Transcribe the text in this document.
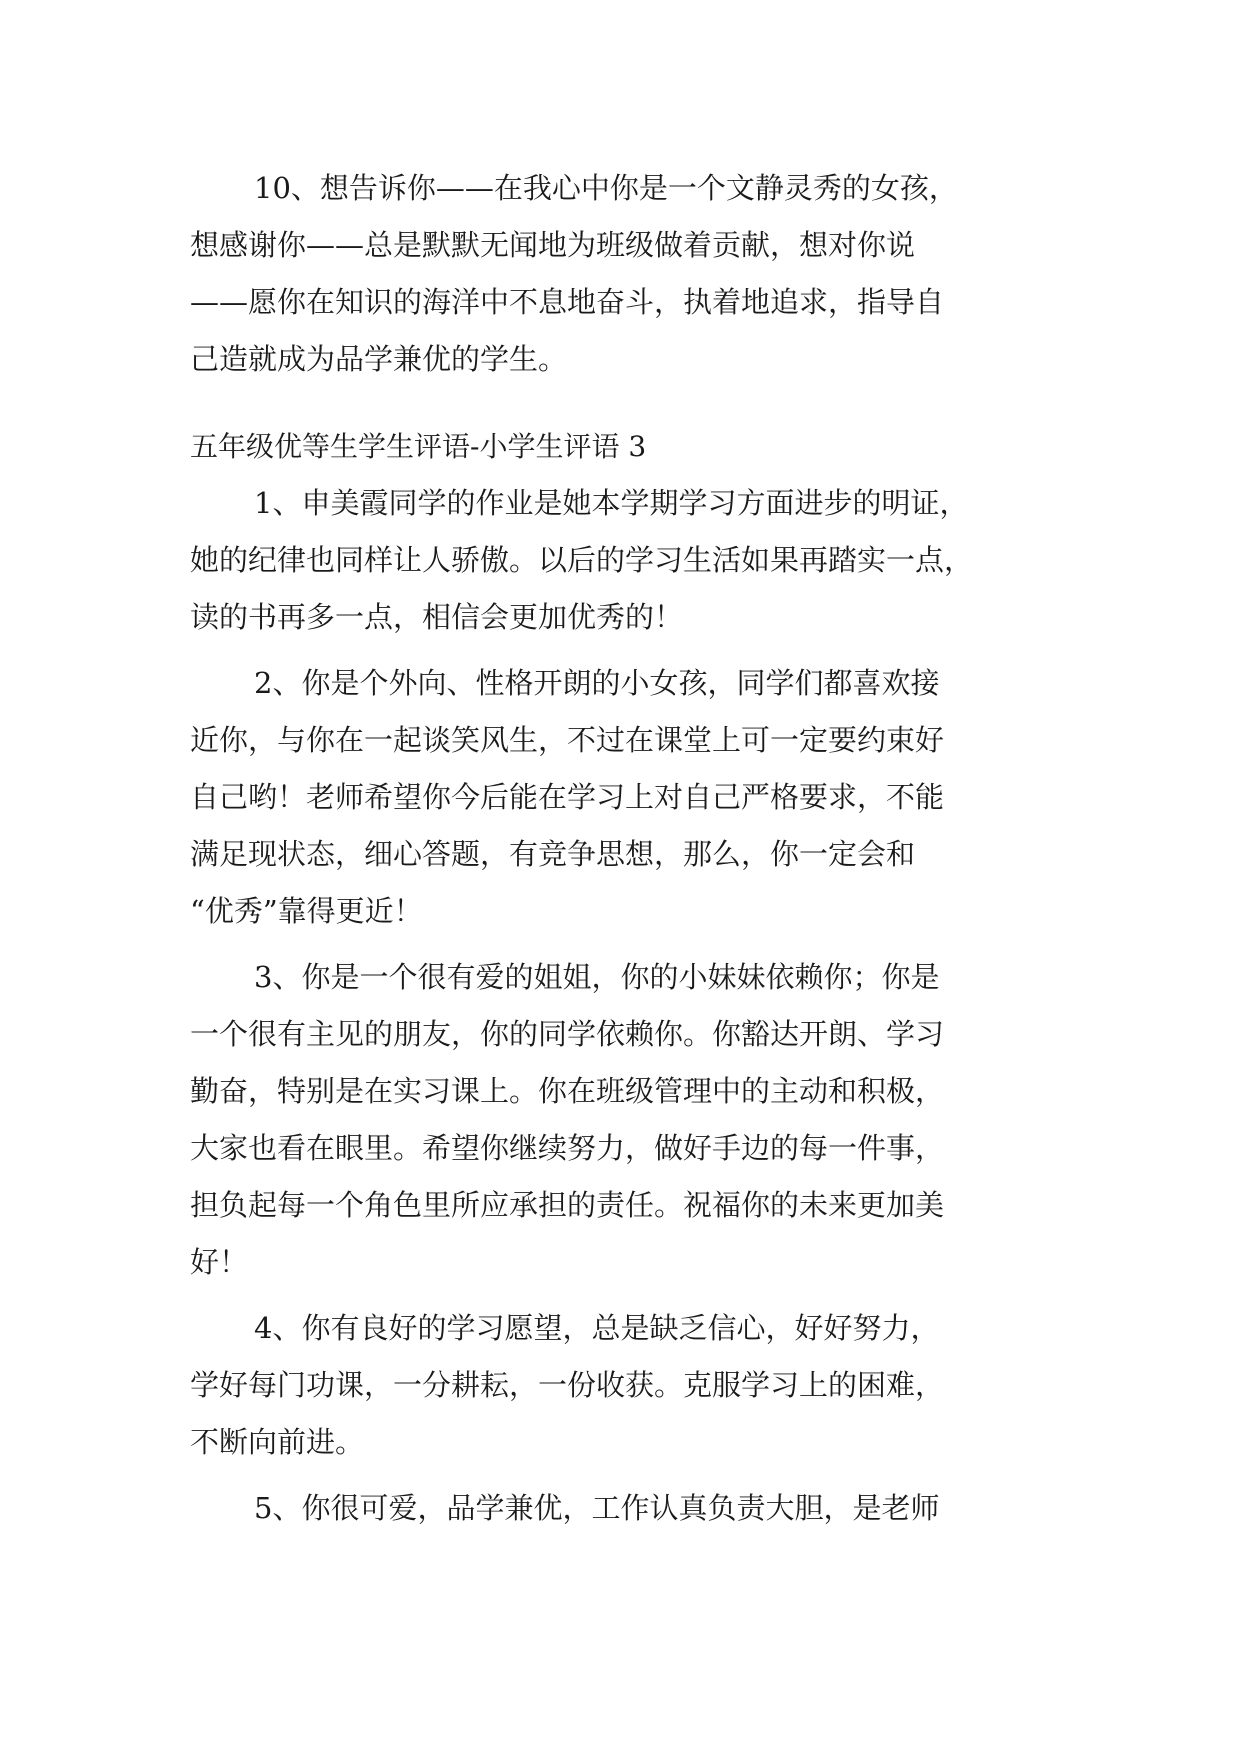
10、想告诉你——在我心中你是一个文静灵秀的女孩，
想感谢你——总是默默无闻地为班级做着贡献，想对你说
——愿你在知识的海洋中不息地奋斗，执着地追求，指导自
己造就成为品学兼优的学生。
五年级优等生学生评语-小学生评语 3
1、申美霞同学的作业是她本学期学习方面进步的明证，
她的纪律也同样让人骄傲。以后的学习生活如果再踏实一点，
读的书再多一点，相信会更加优秀的！
2、你是个外向、性格开朗的小女孩，同学们都喜欢接
近你，与你在一起谈笑风生，不过在课堂上可一定要约束好
自己哟！老师希望你今后能在学习上对自己严格要求，不能
满足现状态，细心答题，有竞争思想，那么，你一定会和
“优秀”靠得更近！
3、你是一个很有爱的姐姐，你的小妹妹依赖你；你是
一个很有主见的朋友，你的同学依赖你。你豁达开朗、学习
勤奋，特别是在实习课上。你在班级管理中的主动和积极，
大家也看在眼里。希望你继续努力，做好手边的每一件事，
担负起每一个角色里所应承担的责任。祝福你的未来更加美
好！
4、你有良好的学习愿望，总是缺乏信心，好好努力，
学好每门功课，一分耕耘，一份收获。克服学习上的困难，
不断向前进。
5、你很可爱，品学兼优，工作认真负责大胆，是老师
